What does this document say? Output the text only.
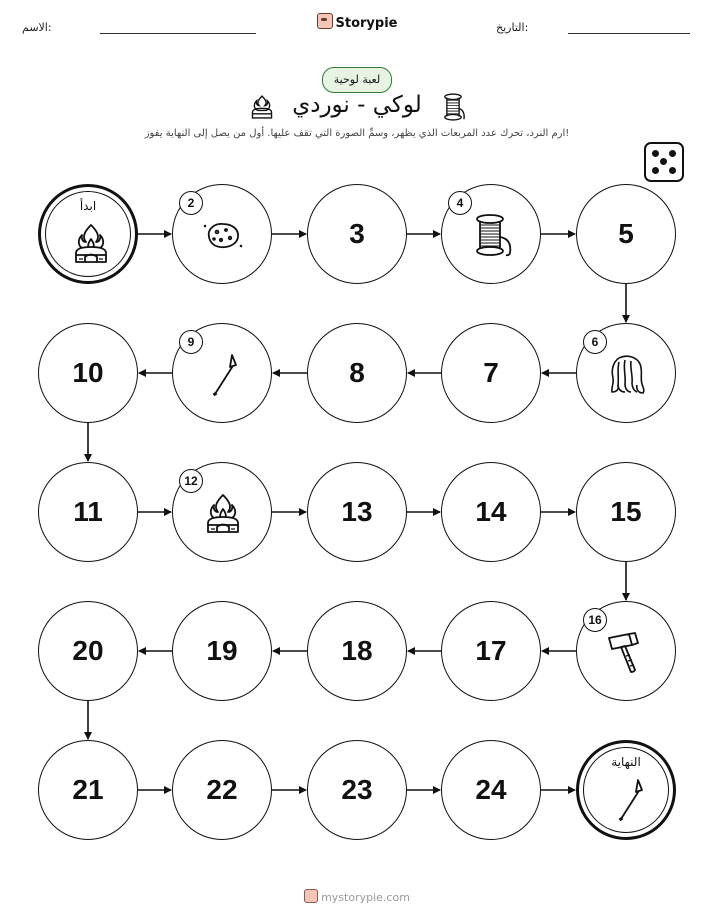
الاسم:	Storypie	التاريخ:
لعبة لوحية
لوكي - نوردي
ارم النرد، تحرك عدد المربعات الذي يظهر، وسمِّ الصورة التي تقف عليها. أول من يصل إلى النهاية يفوز!
ابدأ	2
3
4
5
10
9
8	7
6
11
12
13	14	15
20	19	18	17
16
21	22	23	24
النهاية
mystorypie.com
